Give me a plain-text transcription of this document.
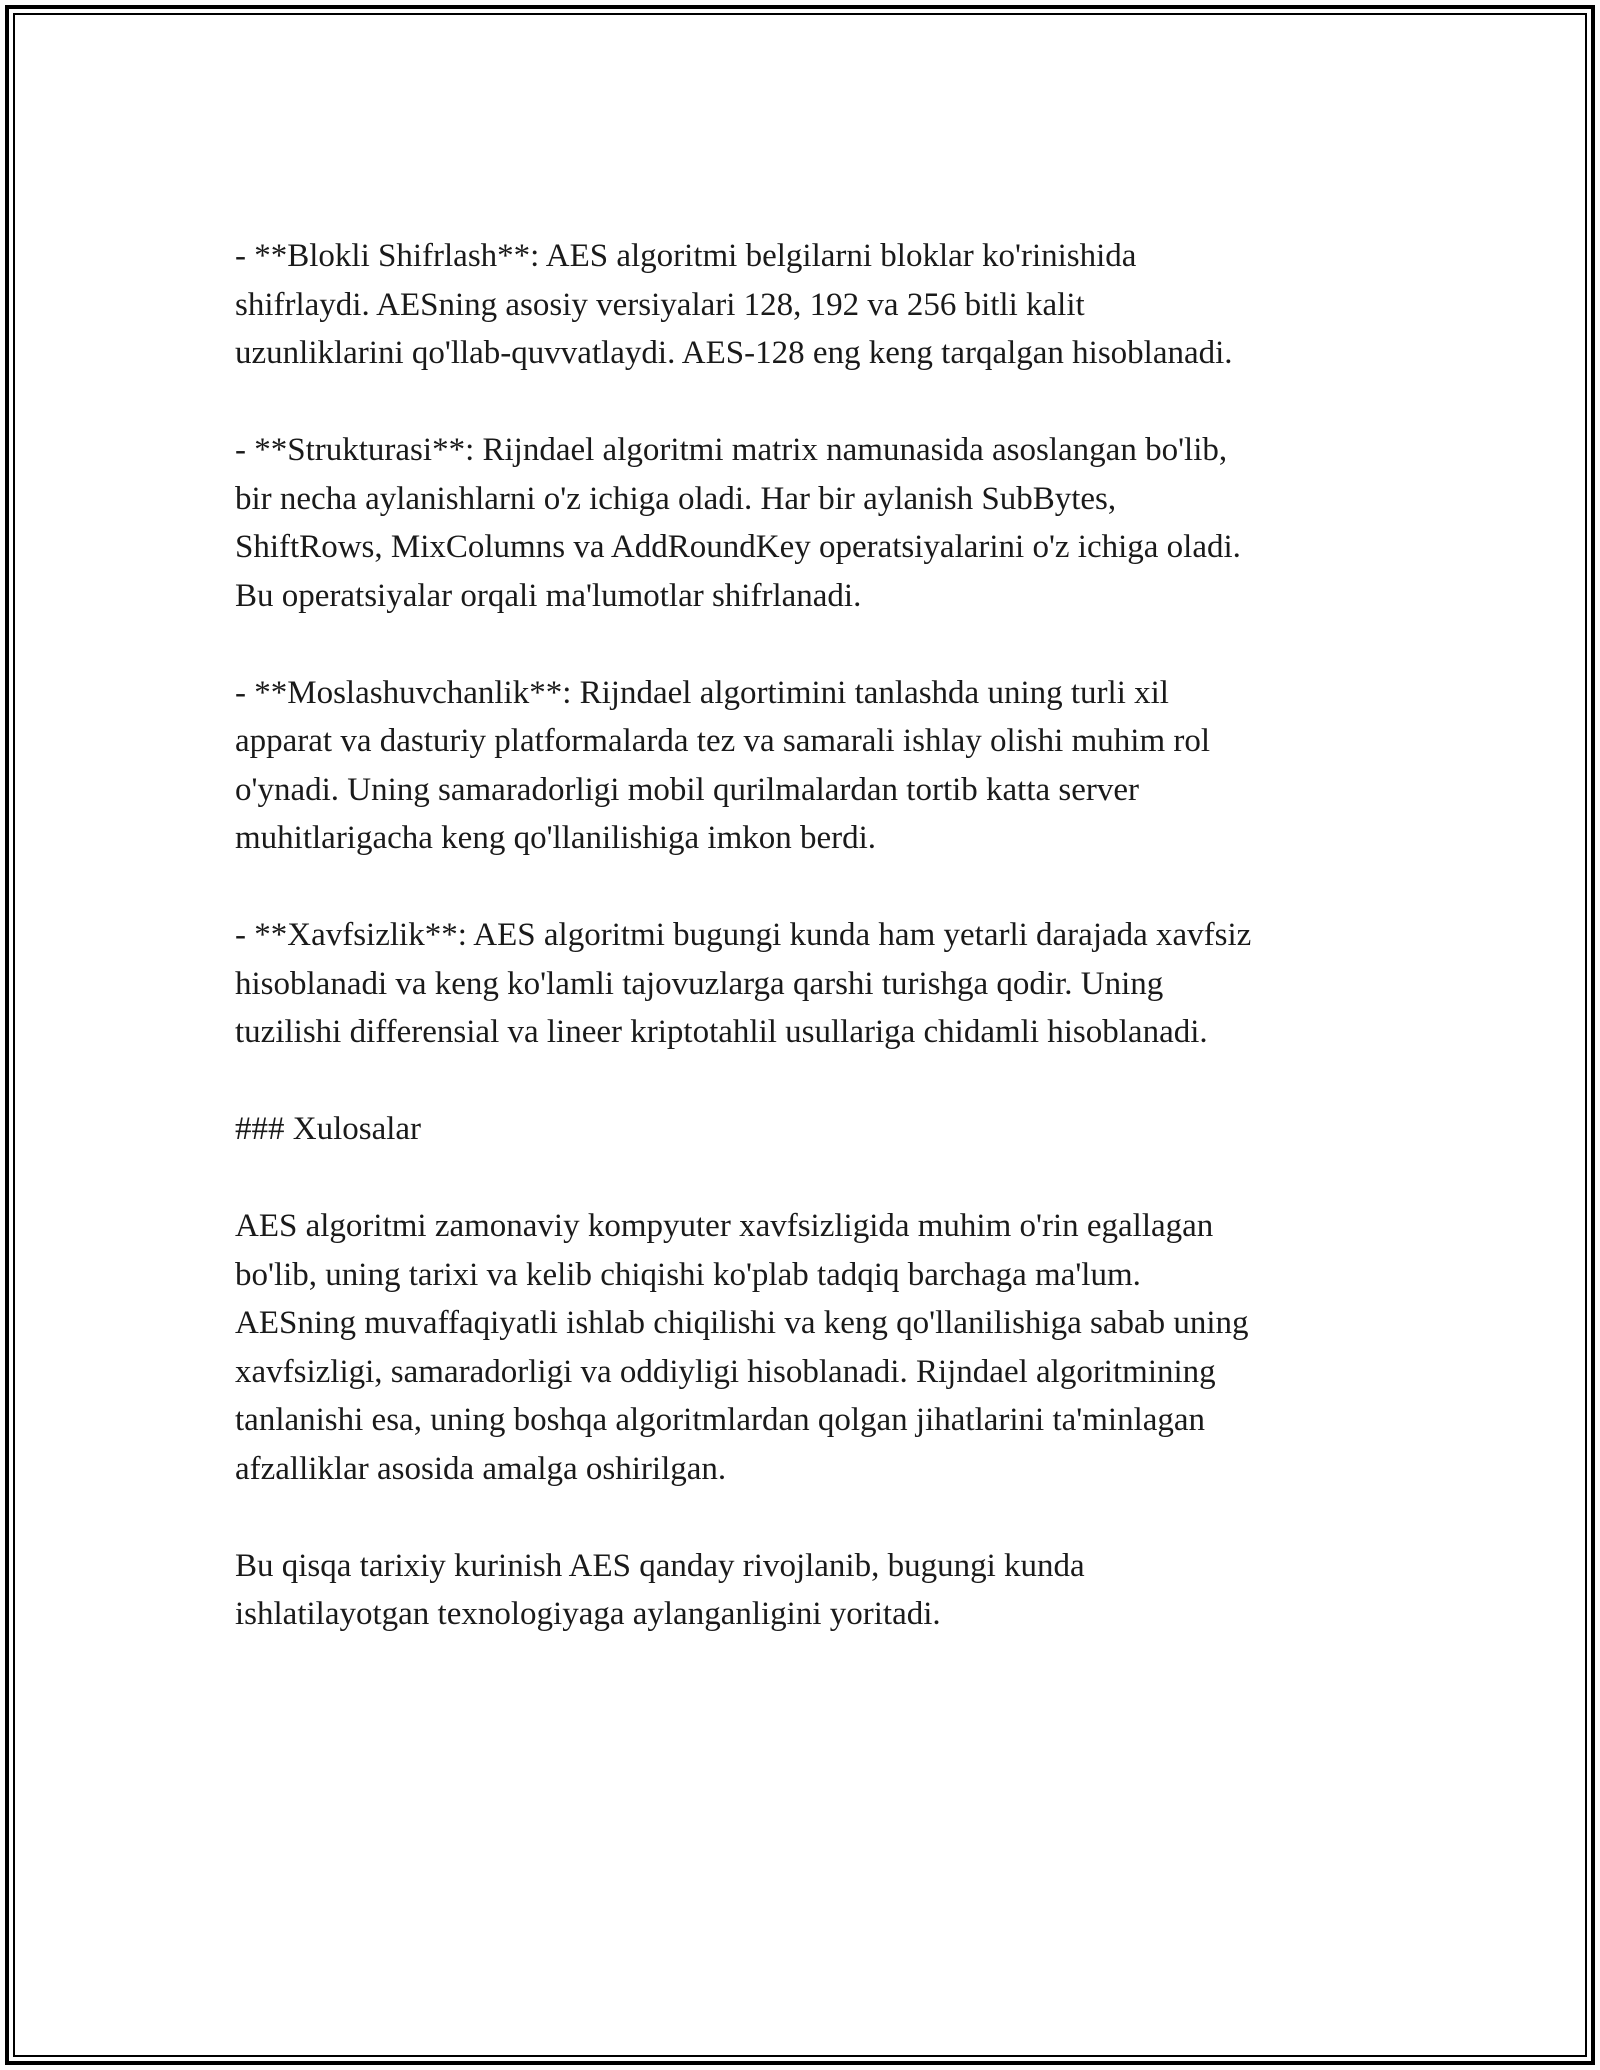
- **Blokli Shifrlash**: AES algoritmi belgilarni bloklar ko'rinishida
shifrlaydi. AESning asosiy versiyalari 128, 192 va 256 bitli kalit
uzunliklarini qo'llab-quvvatlaydi. AES-128 eng keng tarqalgan hisoblanadi.

- **Strukturasi**: Rijndael algoritmi matrix namunasida asoslangan bo'lib,
bir necha aylanishlarni o'z ichiga oladi. Har bir aylanish SubBytes,
ShiftRows, MixColumns va AddRoundKey operatsiyalarini o'z ichiga oladi.
Bu operatsiyalar orqali ma'lumotlar shifrlanadi.

- **Moslashuvchanlik**: Rijndael algortimini tanlashda uning turli xil
apparat va dasturiy platformalarda tez va samarali ishlay olishi muhim rol
o'ynadi. Uning samaradorligi mobil qurilmalardan tortib katta server
muhitlarigacha keng qo'llanilishiga imkon berdi.

- **Xavfsizlik**: AES algoritmi bugungi kunda ham yetarli darajada xavfsiz
hisoblanadi va keng ko'lamli tajovuzlarga qarshi turishga qodir. Uning
tuzilishi differensial va lineer kriptotahlil usullariga chidamli hisoblanadi.

### Xulosalar

AES algoritmi zamonaviy kompyuter xavfsizligida muhim o'rin egallagan
bo'lib, uning tarixi va kelib chiqishi ko'plab tadqiq barchaga ma'lum.
AESning muvaffaqiyatli ishlab chiqilishi va keng qo'llanilishiga sabab uning
xavfsizligi, samaradorligi va oddiyligi hisoblanadi. Rijndael algoritmining
tanlanishi esa, uning boshqa algoritmlardan qolgan jihatlarini ta'minlagan
afzalliklar asosida amalga oshirilgan.

Bu qisqa tarixiy kurinish AES qanday rivojlanib, bugungi kunda
ishlatilayotgan texnologiyaga aylanganligini yoritadi.
